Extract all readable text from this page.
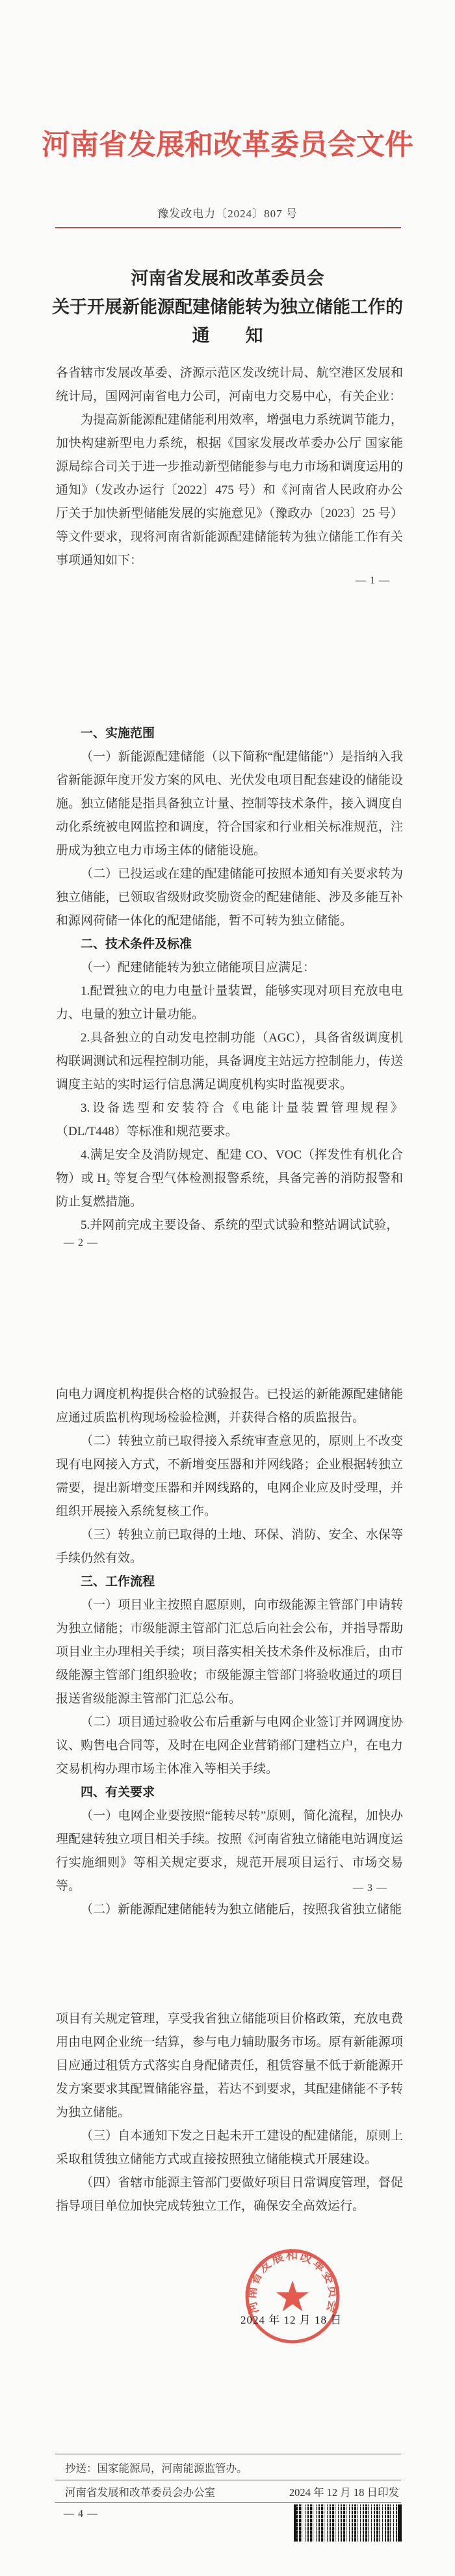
河南省发展和改革委员会文件
豫发改电力〔2024〕807 号
河南省发展和改革委员会
关于开展新能源配建储能转为独立储能工作的
通　知

各省辖市发展改革委、济源示范区发改统计局、航空港区发展和统计局，国网河南省电力公司，河南电力交易中心，有关企业：

为提高新能源配建储能利用效率，增强电力系统调节能力，加快构建新型电力系统，根据《国家发展改革委办公厅 国家能源局综合司关于进一步推动新型储能参与电力市场和调度运用的通知》（发改办运行〔2022〕475 号）和《河南省人民政府办公厅关于加快新型储能发展的实施意见》（豫政办〔2023〕25 号）等文件要求，现将河南省新能源配建储能转为独立储能工作有关事项通知如下：

— 1 —

一、实施范围

（一）新能源配建储能（以下简称“配建储能”）是指纳入我省新能源年度开发方案的风电、光伏发电项目配套建设的储能设施。独立储能是指具备独立计量、控制等技术条件，接入调度自动化系统被电网监控和调度，符合国家和行业相关标准规范，注册成为独立电力市场主体的储能设施。

（二）已投运或在建的配建储能可按照本通知有关要求转为独立储能，已领取省级财政奖励资金的配建储能、涉及多能互补和源网荷储一体化的配建储能，暂不可转为独立储能。

二、技术条件及标准

（一）配建储能转为独立储能项目应满足：

1.配置独立的电力电量计量装置，能够实现对项目充放电电力、电量的独立计量功能。

2.具备独立的自动发电控制功能（AGC），具备省级调度机构联调测试和远程控制功能，具备调度主站远方控制能力，传送调度主站的实时运行信息满足调度机构实时监视要求。

3.设备选型和安装符合《电能计量装置管理规程》（DL/T448）等标准和规范要求。

4.满足安全及消防规定、配建 CO、VOC（挥发性有机化合物）或 H₂ 等复合型气体检测报警系统，具备完善的消防报警和防止复燃措施。

5.并网前完成主要设备、系统的型式试验和整站调试试验，

— 2 —

向电力调度机构提供合格的试验报告。已投运的新能源配建储能应通过质监机构现场检验检测，并获得合格的质监报告。

（二）转独立前已取得接入系统审查意见的，原则上不改变现有电网接入方式，不新增变压器和并网线路；企业根据转独立需要，提出新增变压器和并网线路的，电网企业应及时受理，并组织开展接入系统复核工作。

（三）转独立前已取得的土地、环保、消防、安全、水保等手续仍然有效。

三、工作流程

（一）项目业主按照自愿原则，向市级能源主管部门申请转为独立储能；市级能源主管部门汇总后向社会公布，并指导帮助项目业主办理相关手续；项目落实相关技术条件及标准后，由市级能源主管部门组织验收；市级能源主管部门将验收通过的项目报送省级能源主管部门汇总公布。

（二）项目通过验收公布后重新与电网企业签订并网调度协议、购售电合同等，及时在电网企业营销部门建档立户，在电力交易机构办理市场主体准入等相关手续。

四、有关要求

（一）电网企业要按照“能转尽转”原则，简化流程，加快办理配建转独立项目相关手续。按照《河南省独立储能电站调度运行实施细则》等相关规定要求，规范开展项目运行、市场交易等。

（二）新能源配建储能转为独立储能后，按照我省独立储能

— 3 —

项目有关规定管理，享受我省独立储能项目价格政策，充放电费用由电网企业统一结算，参与电力辅助服务市场。原有新能源项目应通过租赁方式落实自身配储责任，租赁容量不低于新能源开发方案要求其配置储能容量，若达不到要求，其配建储能不予转为独立储能。

（三）自本通知下发之日起未开工建设的配建储能，原则上采取租赁独立储能方式或直接按照独立储能模式开展建设。

（四）省辖市能源主管部门要做好项目日常调度管理，督促指导项目单位加快完成转独立工作，确保安全高效运行。

— 4 —
河南省发展和改革委员会
2024 年 12 月 18 日
抄送：国家能源局，河南能源监管办。
河南省发展和改革委员会办公室	2024 年 12 月 18 日印发
